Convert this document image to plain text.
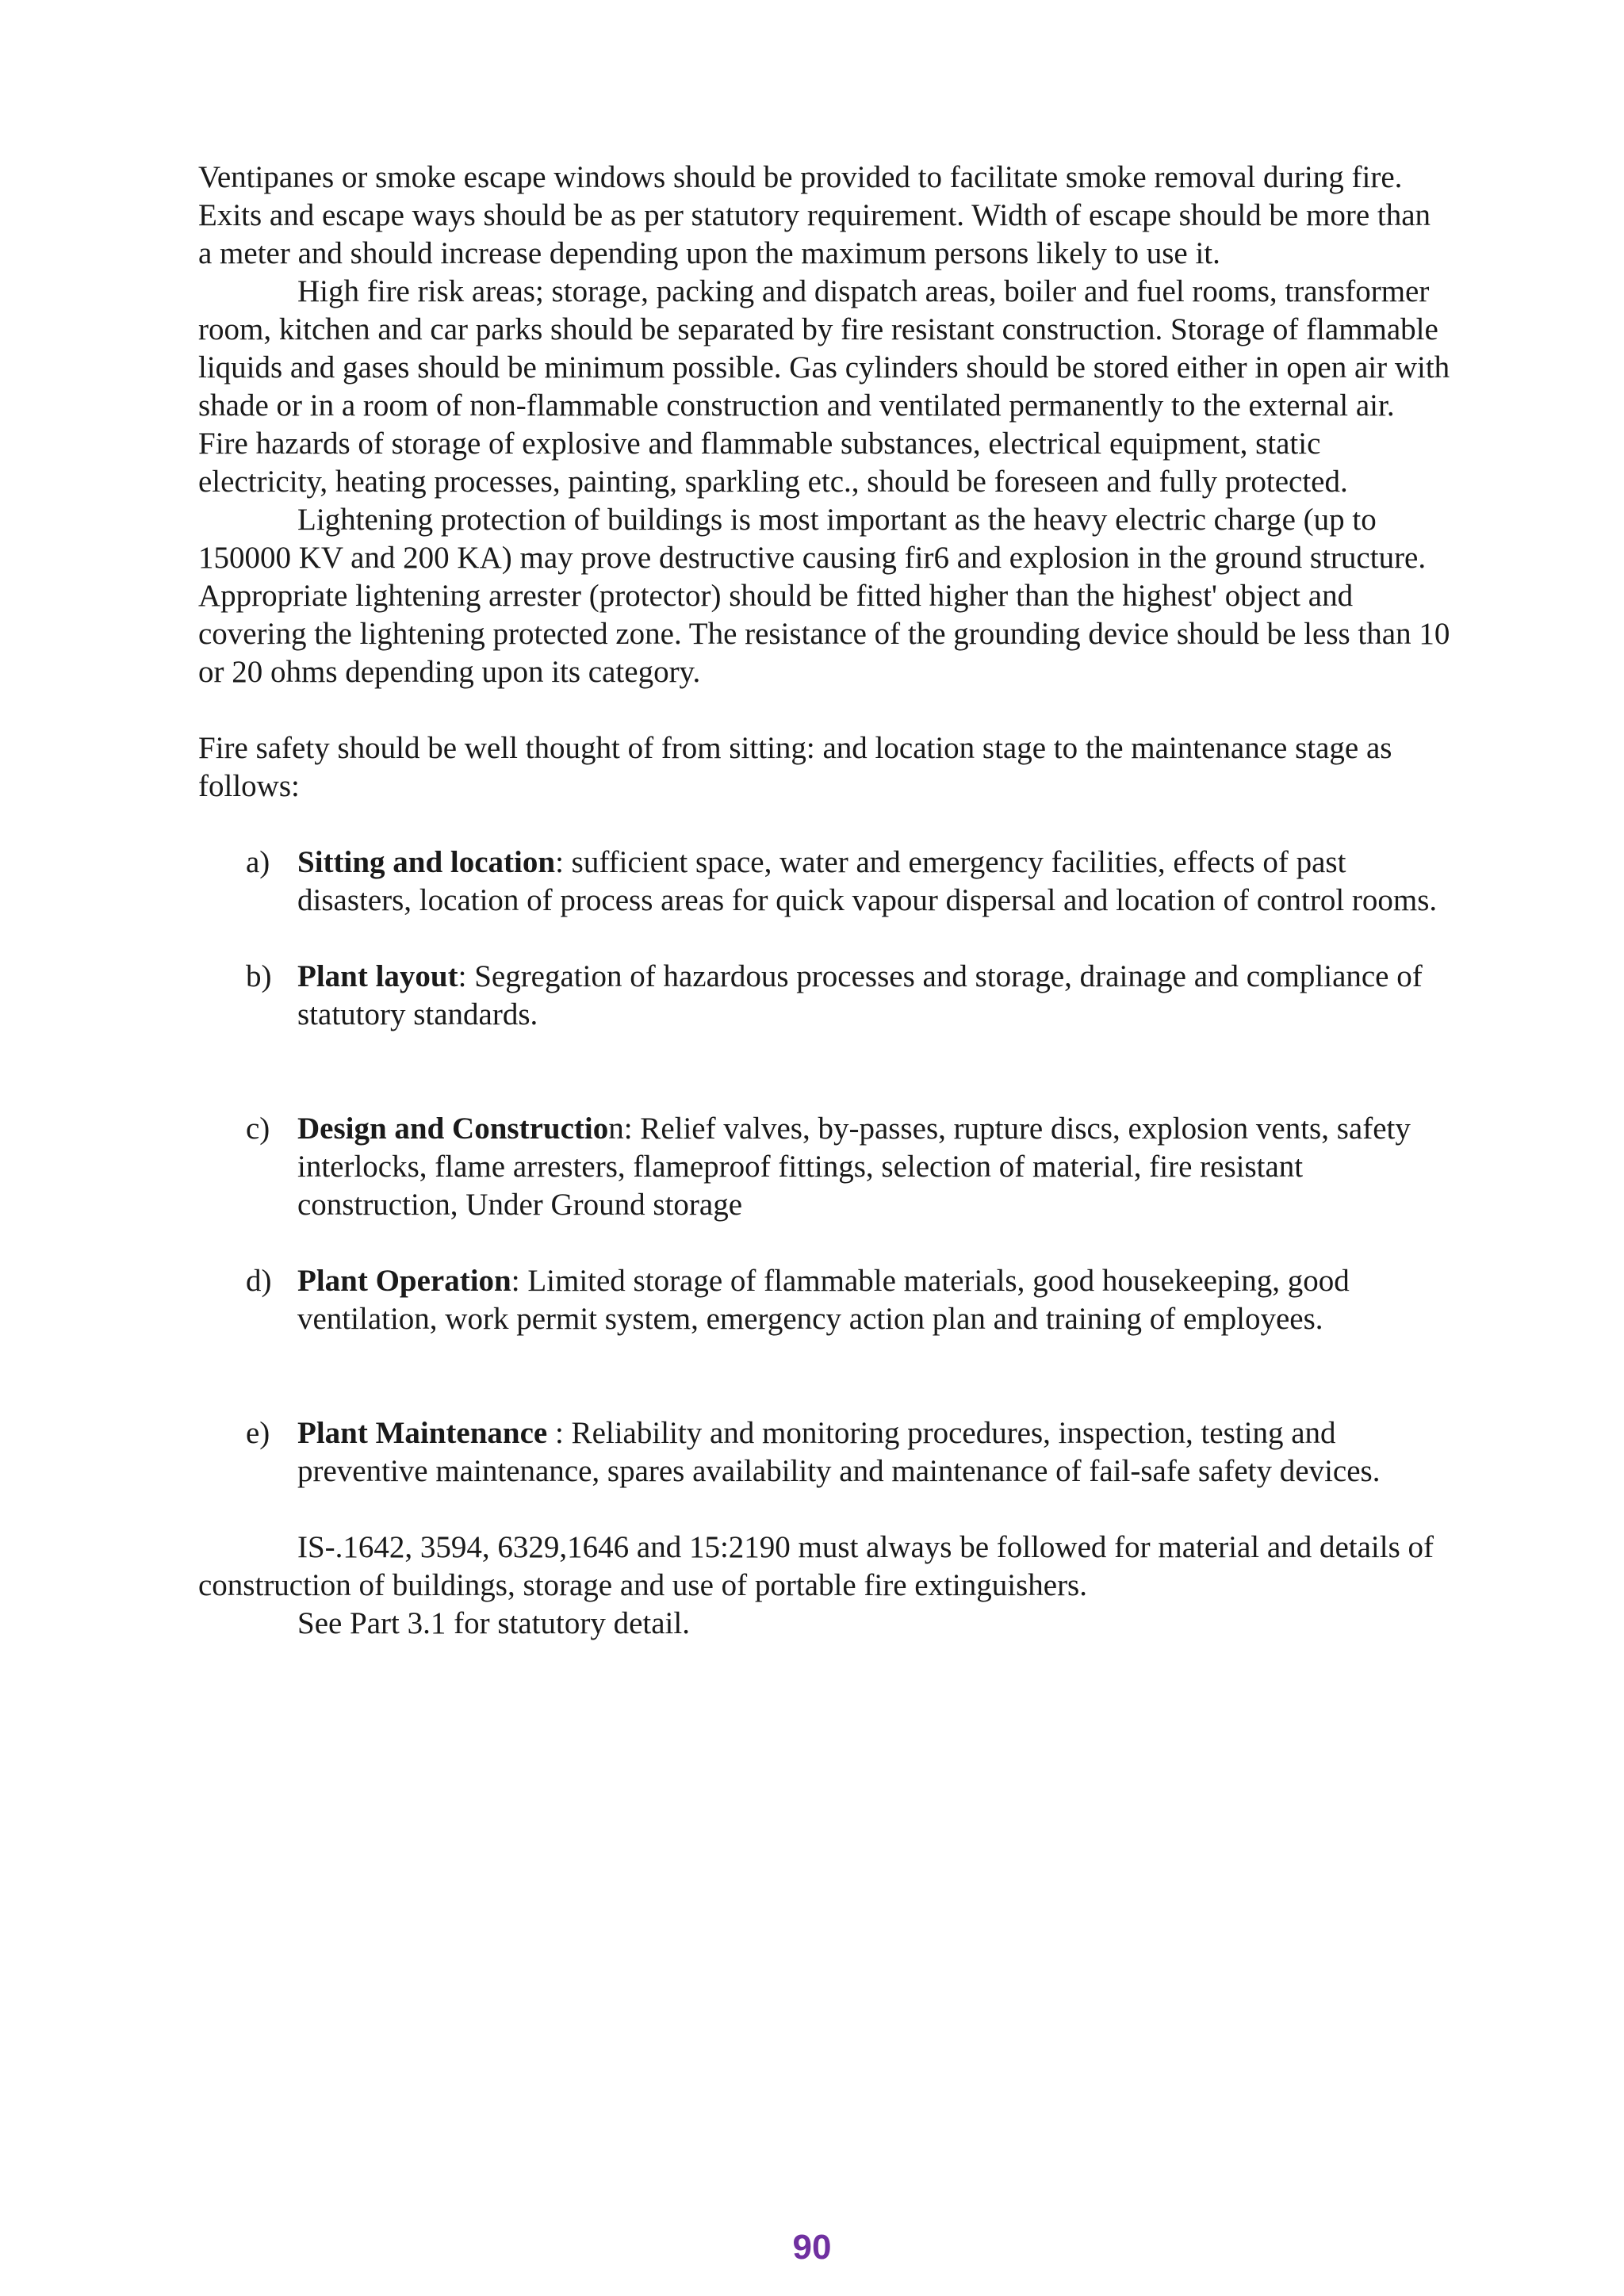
Ventipanes or smoke escape windows should be provided to facilitate smoke removal during fire. Exits and escape ways should be as per statutory requirement. Width of escape should be more than a meter and should increase depending upon the maximum persons likely to use it.

High fire risk areas; storage, packing and dispatch areas, boiler and fuel rooms, transformer room, kitchen and car parks should be separated by fire resistant construction. Storage of flammable liquids and gases should be minimum possible. Gas cylinders should be stored either in open air with shade or in a room of non-flammable construction and ventilated permanently to the external air. Fire hazards of storage of explosive and flammable substances, electrical equipment, static electricity, heating processes, painting, sparkling etc., should be foreseen and fully protected.

Lightening protection of buildings is most important as the heavy electric charge (up to 150000 KV and 200 KA) may prove destructive causing fir6 and explosion in the ground structure. Appropriate lightening arrester (protector) should be fitted higher than the highest' object and covering the lightening protected zone. The resistance of the grounding device should be less than 10 or 20 ohms depending upon its category.

Fire safety should be well thought of from sitting: and location stage to the maintenance stage as follows:

a) Sitting and location: sufficient space, water and emergency facilities, effects of past disasters, location of process areas for quick vapour dispersal and location of control rooms.
b) Plant layout: Segregation of hazardous processes and storage, drainage and compliance of statutory standards.
c) Design and Construction: Relief valves, by-passes, rupture discs, explosion vents, safety interlocks, flame arresters, flameproof fittings, selection of material, fire resistant construction, Under Ground storage
d) Plant Operation: Limited storage of flammable materials, good housekeeping, good ventilation, work permit system, emergency action plan and training of employees.
e) Plant Maintenance : Reliability and monitoring procedures, inspection, testing and preventive maintenance, spares availability and maintenance of fail-safe safety devices.

IS-.1642, 3594, 6329,1646 and 15:2190 must always be followed for material and details of construction of buildings, storage and use of portable fire extinguishers.

See Part 3.1 for statutory detail.

90
